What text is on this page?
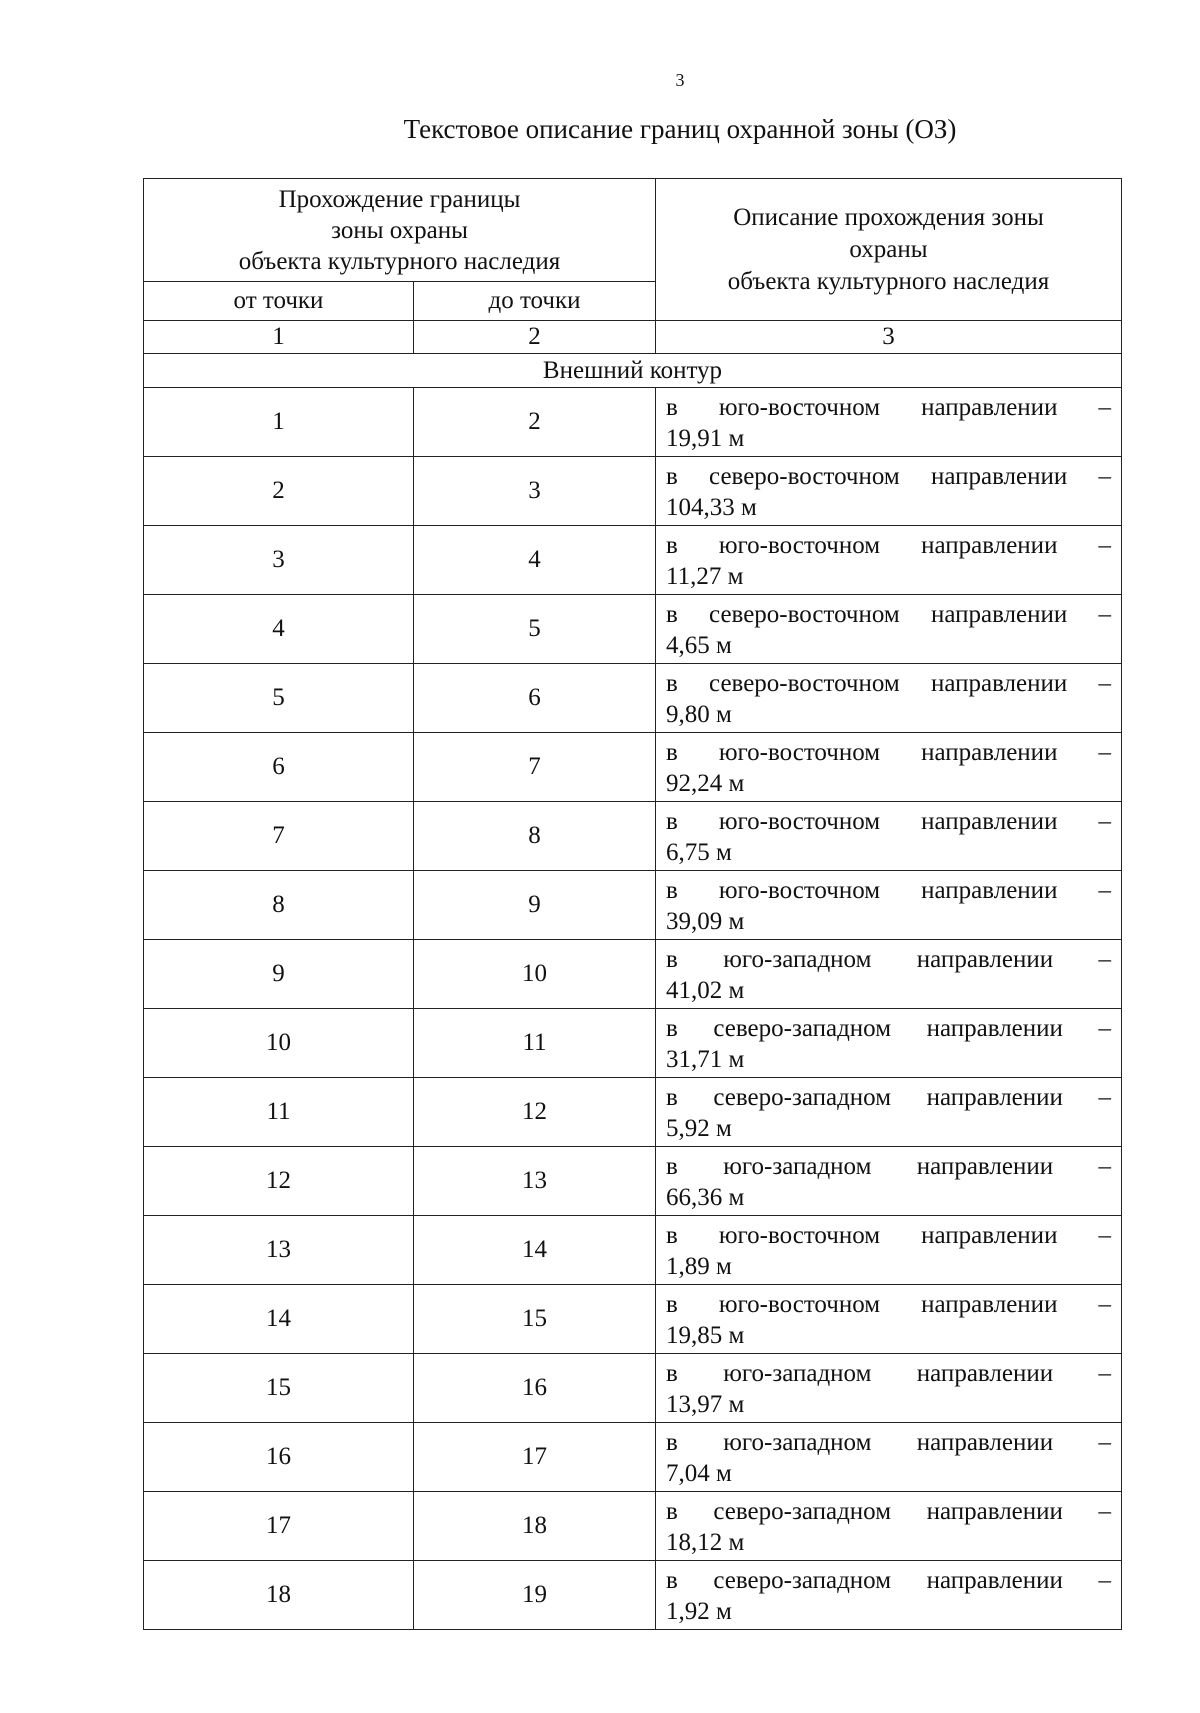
3
Текстовое описание границ охранной зоны (ОЗ)
Прохождение границы
зоны охраны
объекта культурного наследия		Описание прохождения зоны
охраны
объекта культурного наследия

от точки	до точки	
1	2	3
Внешний контур		
1	2	в юго-восточном направлении –
19,91 м

2	3	в северо-восточном направлении –
104,33 м

3	4	в юго-восточном направлении –
11,27 м

4	5	в северо-восточном направлении –
4,65 м

5	6	в северо-восточном направлении –
9,80 м

6	7	в юго-восточном направлении –
92,24 м

7	8	в юго-восточном направлении –
6,75 м

8	9	в юго-восточном направлении –
39,09 м

9	10	в юго-западном направлении –
41,02 м

10	11	в северо-западном направлении –
31,71 м

11	12	в северо-западном направлении –
5,92 м

12	13	в юго-западном направлении –
66,36 м

13	14	в юго-восточном направлении –
1,89 м

14	15	в юго-восточном направлении –
19,85 м

15	16	в юго-западном направлении –
13,97 м

16	17	в юго-западном направлении –
7,04 м

17	18	в северо-западном направлении –
18,12 м

18	19	в северо-западном направлении –
1,92 м
